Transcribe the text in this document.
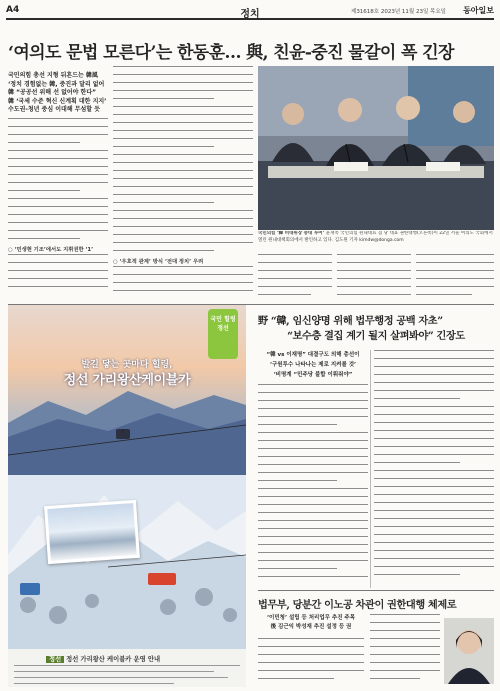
A4	정치	제31618호 2023년 11월 23일 목요일 동아일보
‘여의도 문법 모른다’는 한동훈… 與, 친윤-중진 물갈이 폭 긴장
국민의힘 총선 지형 뒤흔드는 韓風
‘정치 경험없는 韓, 중진과 달리 없어
韓 “공공선 위해 선 없어야 한다”
韓 ‘국세 수준 혁신 신계획 대한 지지’
수도권-청년 중심 이대해 무섬할 듯
○ ‘민생현 기조’에서도 지휘권한 ‘1’
○ ‘우호적 관계’ 방식 ‘전대 정치’ 우려
국민의힘 ‘韓 비대위장 중대 투어’ 윤재옥 국민의힘 원내대표 겸 당 대표 권한대행(오른쪽)이 22일 서울 여의도 국회에서 열린 원내대책회의에서 발언하고 있다. 김도원 기자 kimdw@donga.com
국민 힐링 정선
발길 닿는 곳마다 힐링,
정선 가리왕산케이블카
정선 정선 가리왕산 케이블카 운영 안내
野 “韓, 임신양명 위해 법무행정 공백 자초”
“보수층 결집 계기 될지 살펴봐야” 긴장도
“韓 vs 이재명” 대결구도 의해 총선이
‘구원투수 나타나는 제로 지켜볼 것’
‘비명계 “민주당 불합 이뤄줘야”
법무부, 당분간 이노공 차관이 권한대행 체제로
‘이민청’ 설립 등 처리업무 추진 주목
後 김근익 박성재 추진 설정 등 권
